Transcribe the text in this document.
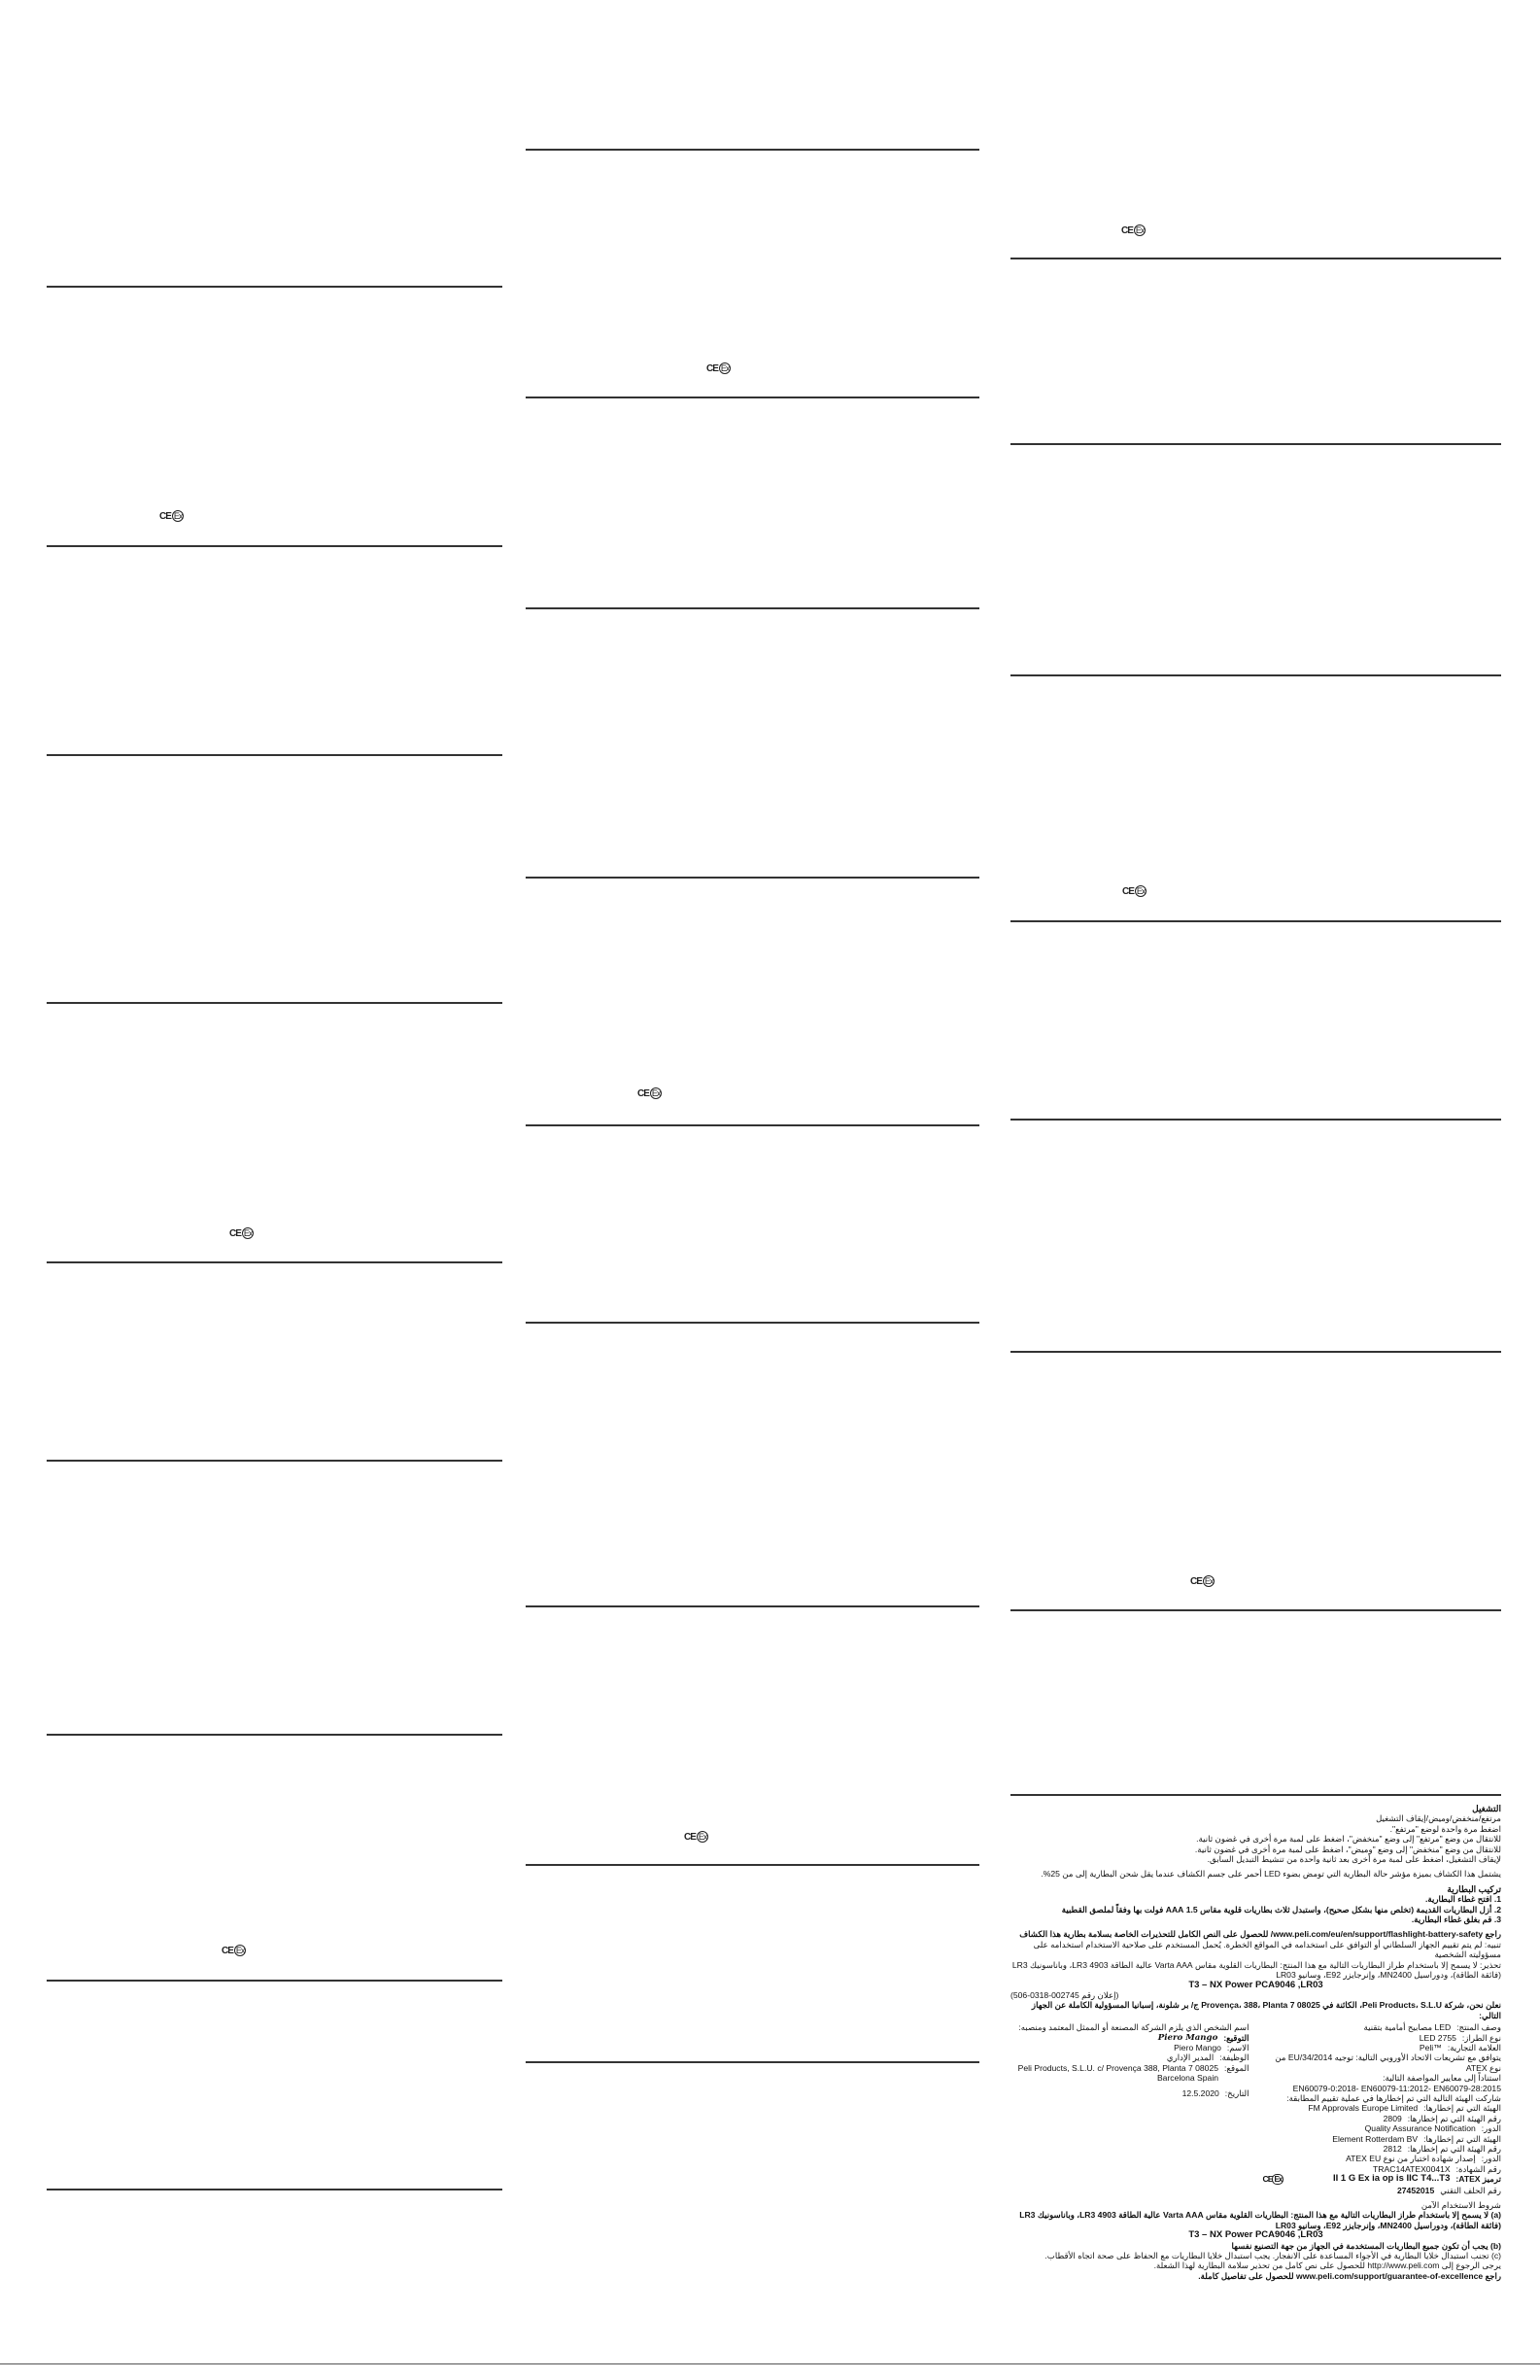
CE Ex
CE Ex
CE Ex
CE Ex
CE Ex
CE Ex
CE Ex
CE Ex
CE Ex

التشغيل

مرتفع/منخفض/وميض/إيقاف التشغيل

اضغط مرة واحدة لوضع "مرتفع".

للانتقال من وضع "مرتفع" إلى وضع "منخفض"، اضغط على لمبة مرة أخرى في غضون ثانية.

للانتقال من وضع "منخفض" إلى وضع "وميض"، اضغط على لمبة مرة أخرى في غضون ثانية.

لإيقاف التشغيل، اضغط على لمبة مرة أخرى بعد ثانية واحدة من تنشيط التبديل السابق.

يشتمل هذا الكشاف بميزة مؤشر حالة البطارية التي تومض بضوء LED أحمر على جسم الكشاف عندما يقل شحن البطارية إلى من 25%.

تركيب البطارية

1. افتح غطاء البطارية.

2. أزل البطاريات القديمة (تخلص منها بشكل صحيح)، واستبدل ثلاث بطاريات قلوية مقاس 1.5 AAA فولت بها وفقاً لملصق القطبية

3. قم بغلق غطاء البطارية.

راجع www.peli.com/eu/en/support/flashlight-battery-safety/ للحصول على النص الكامل للتحذيرات الخاصة بسلامة بطارية هذا الكشاف

تنبيه: لم يتم تقييم الجهاز السلطاني أو التوافق على استخدامه في المواقع الخطرة. يُحمل المستخدم على صلاحية الاستخدام استخدامه على مسؤوليته الشخصية

تحذير: لا يسمح إلا باستخدام طراز البطاريات التالية مع هذا المنتج: البطاريات القلوية مقاس Varta AAA عالية الطاقة LR3 4903، وباناسونيك LR3 (فائقة الطاقة)، ودوراسيل MN2400، وإنرجايزر E92، وسانيو LR03

T3 – NX Power PCA9046 ,LR03

(إعلان رقم 002745-0318-506)

نعلن نحن، شركة Peli Products، S.L.U، الكائنة في 08025 Provença، 388، Planta 7 ج/ بر شلونة، إسبانيا المسؤولية الكاملة عن الجهاز التالي:

وصف المنتج:
مصابيح أمامية بتقنية LED
نوع الطراز:
LED 2755
العلامة التجارية:
Peli™

يتوافق مع تشريعات الاتحاد الأوروبي التالية: توجيه EU/34/2014 من نوع ATEX

استناداً إلى معايير المواصفة التالية:

EN60079-0:2018- EN60079-11:2012- EN60079-28:2015

شاركت الهيئة التالية التي تم إخطارها في عملية تقييم المطابقة:

الهيئة التي تم إخطارها:
FM Approvals Europe Limited
رقم الهيئة التي تم إخطارها:
2809
الدور:
Quality Assurance Notification
الهيئة التي تم إخطارها:
Element Rotterdam BV
رقم الهيئة التي تم إخطارها:
2812
الدور:
إصدار شهادة اختبار من نوع ATEX EU
رقم الشهادة:
TRAC14ATEX0041X
ترميز ATEX:
II 1 G Ex ia op is IIC T4...T3
CE Ex
رقم الحلف التقني
27452015

اسم الشخص الذي يلزم الشركة المصنعة أو الممثل المعتمد ومنصبه:

التوقيع:
Piero Mango
الاسم:
Piero Mango
الوظيفة:
المدير الإداري
الموقع:
Peli Products, S.L.U. c/ Provença 388, Planta 7 08025 Barcelona Spain
التاريخ:
12.5.2020

شروط الاستخدام الآمن

(a) لا يسمح إلا باستخدام طراز البطاريات التالية مع هذا المنتج: البطاريات القلوية مقاس Varta AAA عالية الطاقة LR3 4903، وباناسونيك LR3 (فائقة الطاقة)، ودوراسيل MN2400، وإنرجايزر E92، وسانيو LR03

T3 – NX Power PCA9046 ,LR03

(b) يجب أن تكون جميع البطاريات المستخدمة في الجهاز من جهة التصنيع نفسها

(c) تجنب استبدال خلايا البطارية في الأجواء المساعدة على الانفجار. يجب استبدال خلايا البطاريات مع الحفاظ على صحة اتجاه الأقطاب.

يرجى الرجوع إلى http://www.peli.com للحصول على نص كامل من تحذير سلامة البطارية لهذا الشعلة.

راجع www.peli.com/support/guarantee-of-excellence للحصول على تفاصيل كاملة.
